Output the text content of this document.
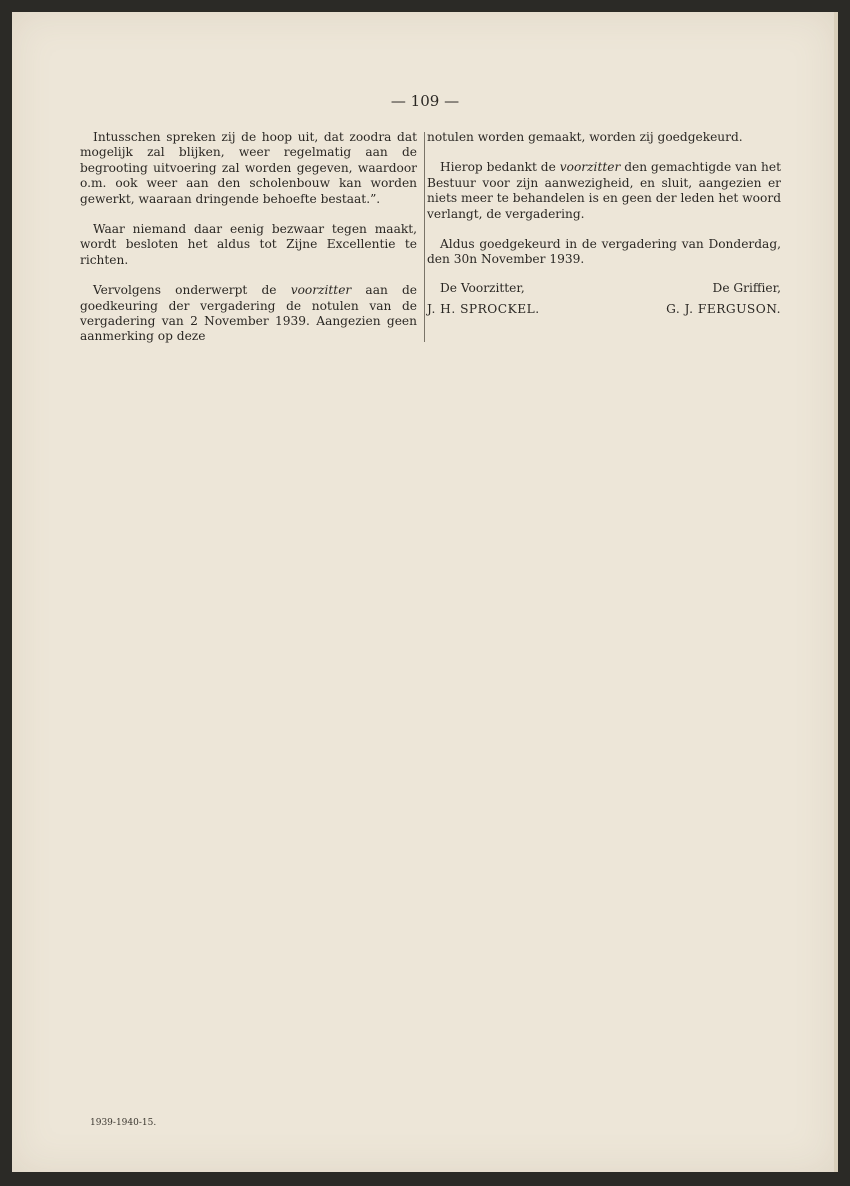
— 109 —

Intusschen spreken zij de hoop uit, dat zoodra dat mogelijk zal blijken, weer regelmatig aan de begrooting uitvoering zal worden gegeven, waardoor o.m. ook weer aan den scholenbouw kan worden gewerkt, waaraan dringende behoefte bestaat.”.

Waar niemand daar eenig bezwaar tegen maakt, wordt besloten het aldus tot Zijne Excellentie te richten.

Vervolgens onderwerpt de voorzitter aan de goedkeuring der vergadering de notulen van de vergadering van 2 November 1939. Aangezien geen aanmerking op deze

notulen worden gemaakt, worden zij goedgekeurd.

Hierop bedankt de voorzitter den gemachtigde van het Bestuur voor zijn aanwezigheid, en sluit, aangezien er niets meer te behandelen is en geen der leden het woord verlangt, de vergadering.

Aldus goedgekeurd in de vergadering van Donderdag, den 30n November 1939.

De Voorzitter,	De Griffier,
J. H. SPROCKEL.	G. J. FERGUSON.
1939-1940-15.
